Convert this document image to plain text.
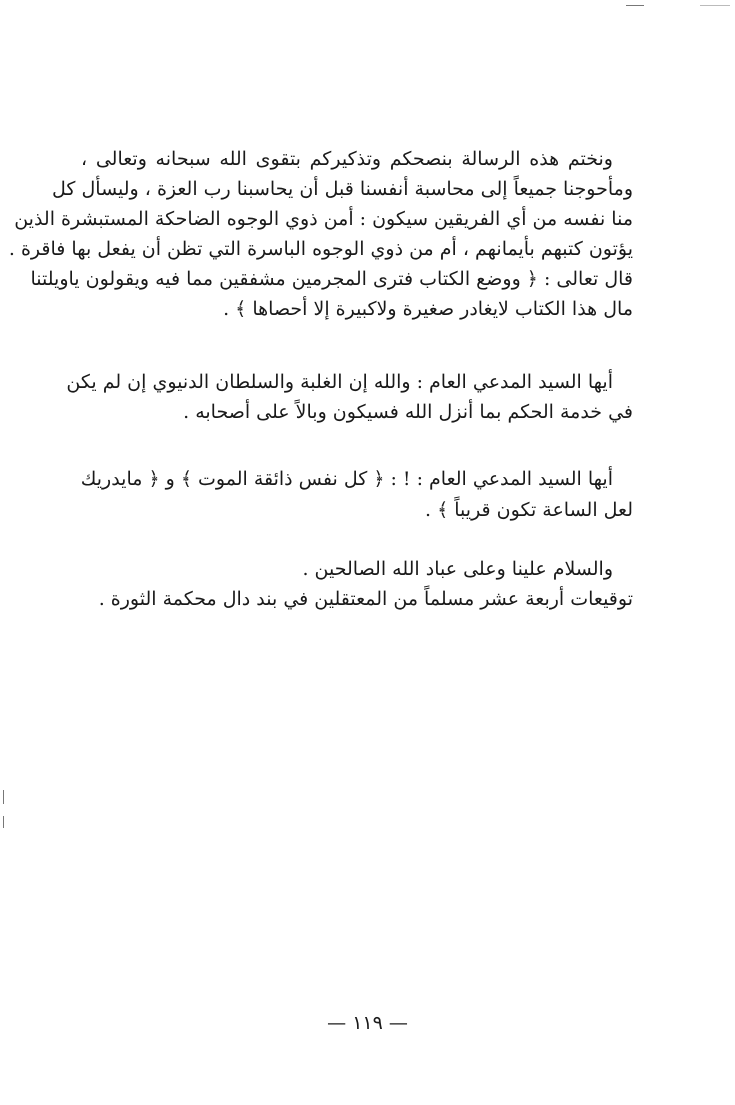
ونختم هذه الرسالة بنصحكم وتذكيركم بتقوى الله سبحانه وتعالى ،
ومأحوجنا جميعاً إلى محاسبة أنفسنا قبل أن يحاسبنا رب العزة ، وليسأل كل
منا نفسه من أي الفريقين سيكون : أمن ذوي الوجوه الضاحكة المستبشرة الذين
يؤتون كتبهم بأيمانهم ، أم من ذوي الوجوه الباسرة التي تظن أن يفعل بها فاقرة .
قال تعالى : ﴿ ووضع الكتاب فترى المجرمين مشفقين مما فيه ويقولون ياويلتنا
مال هذا الكتاب لايغادر صغيرة ولاكبيرة إلا أحصاها ﴾ .
أيها السيد المدعي العام : والله إن الغلبة والسلطان الدنيوي إن لم يكن
في خدمة الحكم بما أنزل الله فسيكون وبالاً على أصحابه .
أيها السيد المدعي العام : ! : ﴿ كل نفس ذائقة الموت ﴾ و ﴿ مايدريك
لعل الساعة تكون قريباً ﴾ .
والسلام علينا وعلى عباد الله الصالحين .
توقيعات أربعة عشر مسلماً من المعتقلين في بند دال محكمة الثورة .
— ١١٩ —
